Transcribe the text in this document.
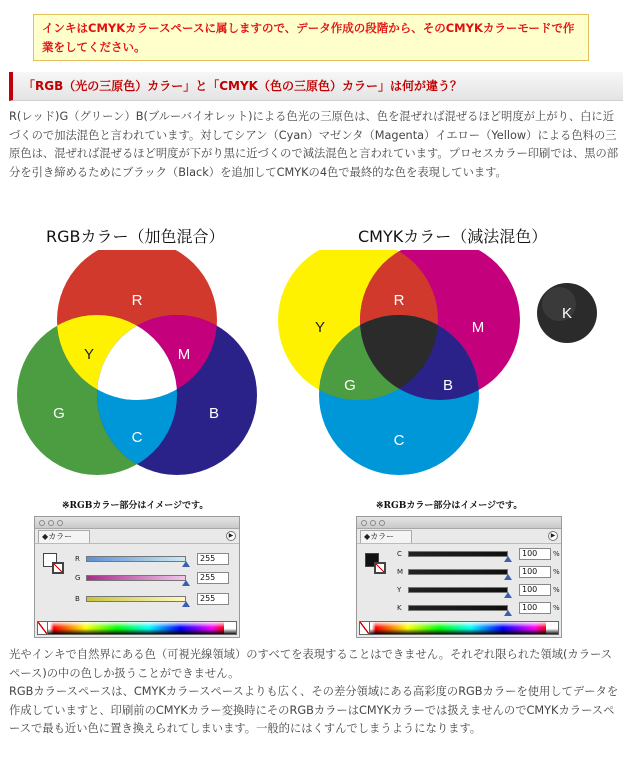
インキはCMYKカラースペースに属しますので、データ作成の段階から、そのCMYKカラーモードで作業をしてください。
「RGB（光の三原色）カラー」と「CMYK（色の三原色）カラー」は何が違う？

R(レッド)G（グリーン）B(ブルーバイオレット)による色光の三原色は、色を混ぜれば混ぜるほど明度が上がり、白に近づくので加法混色と言われています。対してシアン（Cyan）マゼンタ（Magenta）イエロー（Yellow）による色料の三原色は、混ぜれば混ぜるほど明度が下がり黒に近づくので減法混色と言われています。プロセスカラー印刷では、黒の部分を引き締めるためにブラック（Black）を追加してCMYKの4色で最終的な色を表現しています。

RGBカラー（加色混合）	CMYKカラー（減法混色）
R
Y	M
G	B
C
Y
R
M
G	B
C
K
※RGBカラー部分はイメージです。	※RGBカラー部分はイメージです。
◆カラー	▶
R	255
G	255
B	255
◆カラー	▶
C	100	%
M	100	%
Y	100	%
K	100	%

光やインキで自然界にある色（可視光線領域）のすべてを表現することはできません。それぞれ限られた領域(カラースペース)の中の色しか扱うことができません。

RGBカラースペースは、CMYKカラースペースよりも広く、その差分領域にある高彩度のRGBカラーを使用してデータを作成していますと、印刷前のCMYKカラー変換時にそのRGBカラーはCMYKカラーでは扱えませんのでCMYKカラースペースで最も近い色に置き換えられてしまいます。一般的にはくすんでしまうようになります。
